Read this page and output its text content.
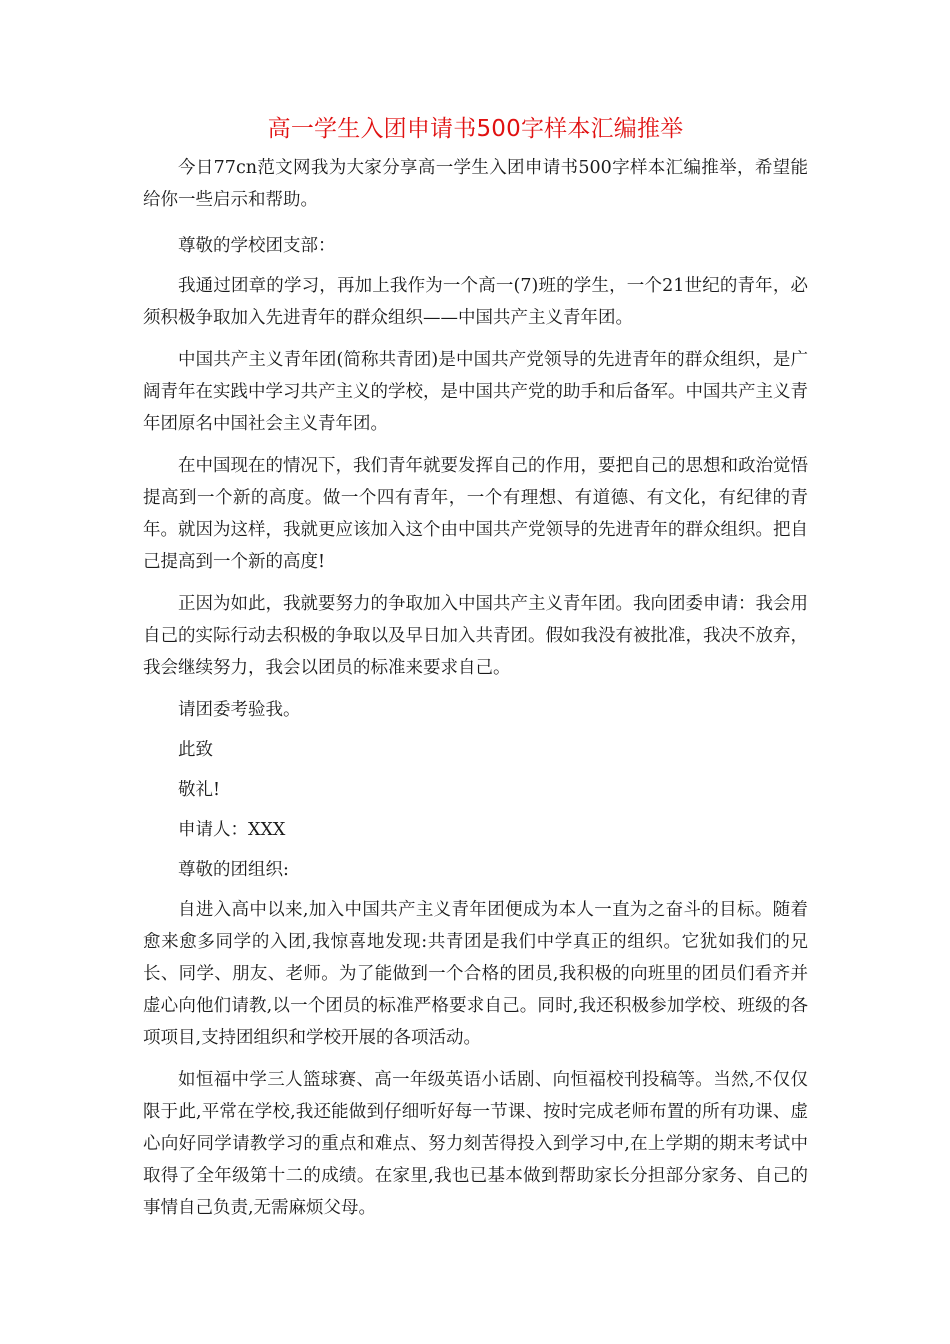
高一学生入团申请书500字样本汇编推举

今日77cn范文网我为大家分享高一学生入团申请书500字样本汇编推举，希望能给你一些启示和帮助。

尊敬的学校团支部：

我通过团章的学习，再加上我作为一个高一(7)班的学生，一个21世纪的青年，必须积极争取加入先进青年的群众组织——中国共产主义青年团。

中国共产主义青年团(简称共青团)是中国共产党领导的先进青年的群众组织，是广阔青年在实践中学习共产主义的学校，是中国共产党的助手和后备军。中国共产主义青年团原名中国社会主义青年团。

在中国现在的情况下，我们青年就要发挥自己的作用，要把自己的思想和政治觉悟提高到一个新的高度。做一个四有青年，一个有理想、有道德、有文化，有纪律的青年。就因为这样，我就更应该加入这个由中国共产党领导的先进青年的群众组织。把自己提高到一个新的高度!

正因为如此，我就要努力的争取加入中国共产主义青年团。我向团委申请：我会用自己的实际行动去积极的争取以及早日加入共青团。假如我没有被批准，我决不放弃，我会继续努力，我会以团员的标准来要求自己。

请团委考验我。

此致

敬礼!

申请人：XXX

尊敬的团组织:

自进入高中以来,加入中国共产主义青年团便成为本人一直为之奋斗的目标。随着愈来愈多同学的入团,我惊喜地发现:共青团是我们中学真正的组织。它犹如我们的兄长、同学、朋友、老师。为了能做到一个合格的团员,我积极的向班里的团员们看齐并虚心向他们请教,以一个团员的标准严格要求自己。同时,我还积极参加学校、班级的各项项目,支持团组织和学校开展的各项活动。

如恒福中学三人篮球赛、高一年级英语小话剧、向恒福校刊投稿等。当然,不仅仅限于此,平常在学校,我还能做到仔细听好每一节课、按时完成老师布置的所有功课、虚心向好同学请教学习的重点和难点、努力刻苦得投入到学习中,在上学期的期末考试中取得了全年级第十二的成绩。在家里,我也已基本做到帮助家长分担部分家务、自己的事情自己负责,无需麻烦父母。
